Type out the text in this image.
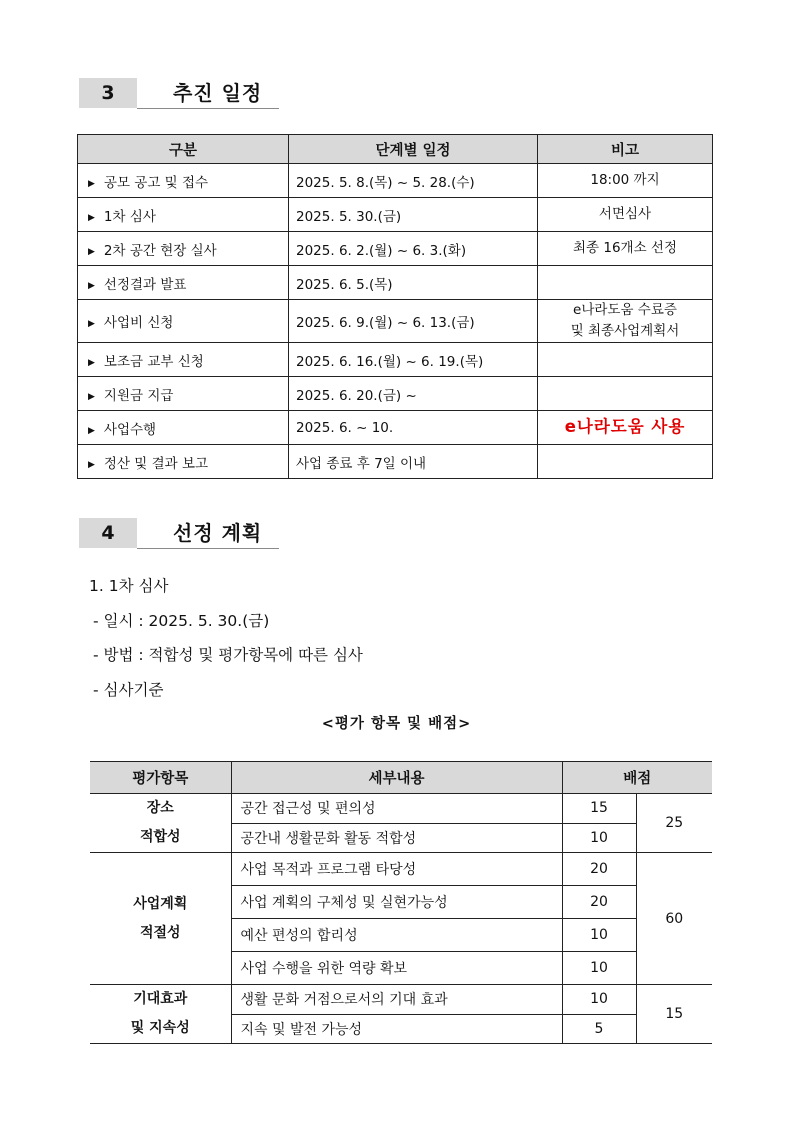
3	추진 일정
구분	단계별 일정	비고
▶ 공모 공고 및 접수	2025. 5. 8.(목) ~ 5. 28.(수)	18:00 까지
▶ 1차 심사	2025. 5. 30.(금)	서면심사
▶ 2차 공간 현장 실사	2025. 6. 2.(월) ~ 6. 3.(화)	최종 16개소 선정
▶ 선정결과 발표	2025. 6. 5.(목)	
▶ 사업비 신청	2025. 6. 9.(월) ~ 6. 13.(금)	e나라도움 수료증
및 최종사업계획서

▶ 보조금 교부 신청	2025. 6. 16.(월) ~ 6. 19.(목)	
▶ 지원금 지급	2025. 6. 20.(금) ~	
▶ 사업수행	2025. 6. ~ 10.	e나라도움 사용
▶ 정산 및 결과 보고	사업 종료 후 7일 이내	
4	선정 계획
1. 1차 심사
- 일시 : 2025. 5. 30.(금)
- 방법 : 적합성 및 평가항목에 따른 심사
- 심사기준
<평가 항목 및 배점>
평가항목	세부내용	배점	

장소
적합성	공간 접근성 및 편의성	15	25
	공간내 생활문화 활동 적합성	10	

사업계획
적절성	사업 목적과 프로그램 타당성	20	60
	사업 계획의 구체성 및 실현가능성	20	
	예산 편성의 합리성	10	
	사업 수행을 위한 역량 확보	10	

기대효과
및 지속성	생활 문화 거점으로서의 기대 효과	10	15
	지속 및 발전 가능성	5	
